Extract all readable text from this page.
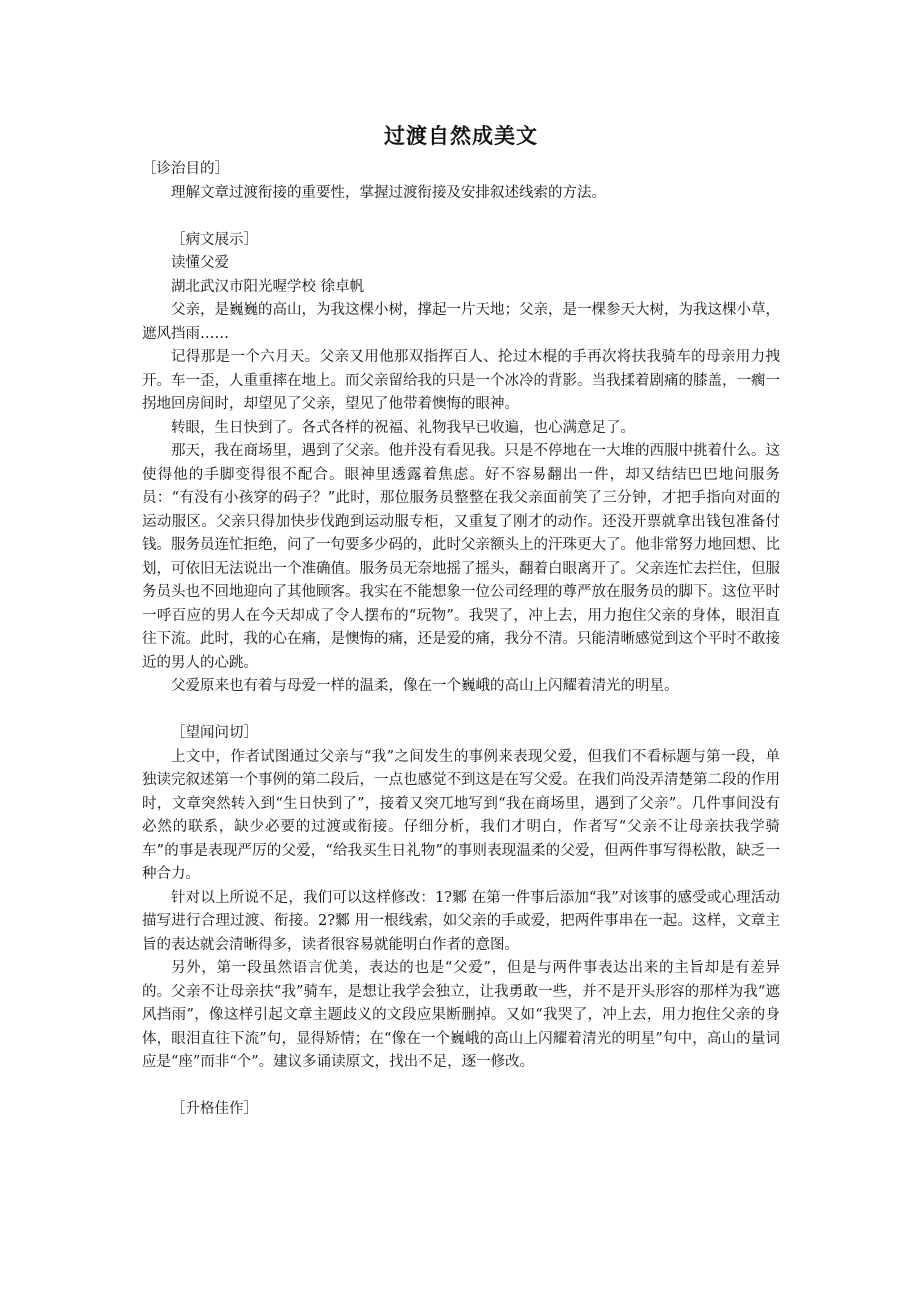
过渡自然成美文

［诊治目的］

理解文章过渡衔接的重要性，掌握过渡衔接及安排叙述线索的方法。

［病文展示］

读懂父爱

湖北武汉市阳光喔学校 徐卓帆

父亲，是巍巍的高山，为我这棵小树，撑起一片天地；父亲，是一棵参天大树，为我这棵小草，遮风挡雨……

记得那是一个六月天。父亲又用他那双指挥百人、抡过木棍的手再次将扶我骑车的母亲用力拽开。车一歪，人重重摔在地上。而父亲留给我的只是一个冰冷的背影。当我揉着剧痛的膝盖，一瘸一拐地回房间时，却望见了父亲，望见了他带着懊悔的眼神。

转眼，生日快到了。各式各样的祝福、礼物我早已收遍，也心满意足了。

那天，我在商场里，遇到了父亲。他并没有看见我。只是不停地在一大堆的西服中挑着什么。这使得他的手脚变得很不配合。眼神里透露着焦虑。好不容易翻出一件，却又结结巴巴地问服务员：“有没有小孩穿的码子？”此时，那位服务员整整在我父亲面前笑了三分钟，才把手指向对面的运动服区。父亲只得加快步伐跑到运动服专柜，又重复了刚才的动作。还没开票就拿出钱包准备付钱。服务员连忙拒绝，问了一句要多少码的，此时父亲额头上的汗珠更大了。他非常努力地回想、比划，可依旧无法说出一个准确值。服务员无奈地摇了摇头，翻着白眼离开了。父亲连忙去拦住，但服务员头也不回地迎向了其他顾客。我实在不能想象一位公司经理的尊严放在服务员的脚下。这位平时一呼百应的男人在今天却成了令人摆布的“玩物”。我哭了，冲上去，用力抱住父亲的身体，眼泪直往下流。此时，我的心在痛，是懊悔的痛，还是爱的痛，我分不清。只能清晰感觉到这个平时不敢接近的男人的心跳。

父爱原来也有着与母爱一样的温柔，像在一个巍峨的高山上闪耀着清光的明星。

［望闻问切］

上文中，作者试图通过父亲与“我”之间发生的事例来表现父爱，但我们不看标题与第一段，单独读完叙述第一个事例的第二段后，一点也感觉不到这是在写父爱。在我们尚没弄清楚第二段的作用时，文章突然转入到“生日快到了”，接着又突兀地写到“我在商场里，遇到了父亲”。几件事间没有必然的联系，缺少必要的过渡或衔接。仔细分析，我们才明白，作者写“父亲不让母亲扶我学骑车”的事是表现严厉的父爱，“给我买生日礼物”的事则表现温柔的父爱，但两件事写得松散，缺乏一种合力。

针对以上所说不足，我们可以这样修改：1?鄹 在第一件事后添加“我”对该事的感受或心理活动描写进行合理过渡、衔接。2?鄹 用一根线索，如父亲的手或爱，把两件事串在一起。这样，文章主旨的表达就会清晰得多，读者很容易就能明白作者的意图。

另外，第一段虽然语言优美，表达的也是“父爱”，但是与两件事表达出来的主旨却是有差异的。父亲不让母亲扶“我”骑车，是想让我学会独立，让我勇敢一些，并不是开头形容的那样为我“遮风挡雨”，像这样引起文章主题歧义的文段应果断删掉。又如“我哭了，冲上去，用力抱住父亲的身体，眼泪直往下流”句，显得矫情；在“像在一个巍峨的高山上闪耀着清光的明星”句中，高山的量词应是“座”而非“个”。建议多诵读原文，找出不足，逐一修改。

［升格佳作］
